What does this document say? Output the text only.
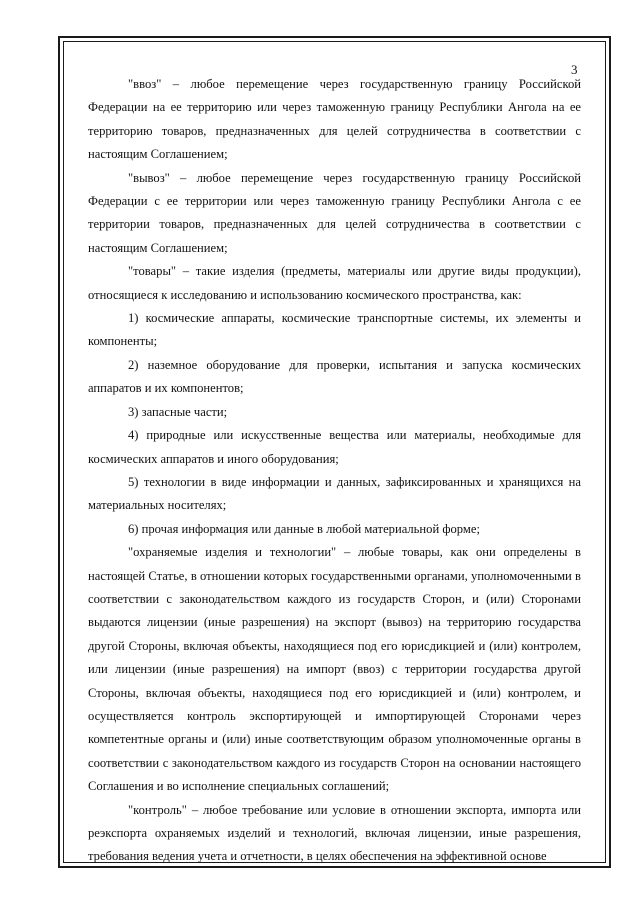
3

"ввоз" – любое перемещение через государственную границу Российской Федерации на ее территорию или через таможенную границу Республики Ангола на ее территорию товаров, предназначенных для целей сотрудничества в соответствии с настоящим Соглашением;

"вывоз" – любое перемещение через государственную границу Российской Федерации с ее территории или через таможенную границу Республики Ангола с ее территории товаров, предназначенных для целей сотрудничества в соответствии с настоящим Соглашением;

"товары" – такие изделия (предметы, материалы или другие виды продукции), относящиеся к исследованию и использованию космического пространства, как:

1) космические аппараты, космические транспортные системы, их элементы и компоненты;

2) наземное оборудование для проверки, испытания и запуска космических аппаратов и их компонентов;

3) запасные части;

4) природные или искусственные вещества или материалы, необходимые для космических аппаратов и иного оборудования;

5) технологии в виде информации и данных, зафиксированных и хранящихся на материальных носителях;

6) прочая информация или данные в любой материальной форме;

"охраняемые изделия и технологии" – любые товары, как они определены в настоящей Статье, в отношении которых государственными органами, уполномоченными в соответствии с законодательством каждого из государств Сторон, и (или) Сторонами выдаются лицензии (иные разрешения) на экспорт (вывоз) на территорию государства другой Стороны, включая объекты, находящиеся под его юрисдикцией и (или) контролем, или лицензии (иные разрешения) на импорт (ввоз) с территории государства другой Стороны, включая объекты, находящиеся под его юрисдикцией и (или) контролем, и осуществляется контроль экспортирующей и импортирующей Сторонами через компетентные органы и (или) иные соответствующим образом уполномоченные органы в соответствии с законодательством каждого из государств Сторон на основании настоящего Соглашения и во исполнение специальных соглашений;

"контроль" – любое требование или условие в отношении экспорта, импорта или реэкспорта охраняемых изделий и технологий, включая лицензии, иные разрешения, требования ведения учета и отчетности, в целях обеспечения на эффективной основе
